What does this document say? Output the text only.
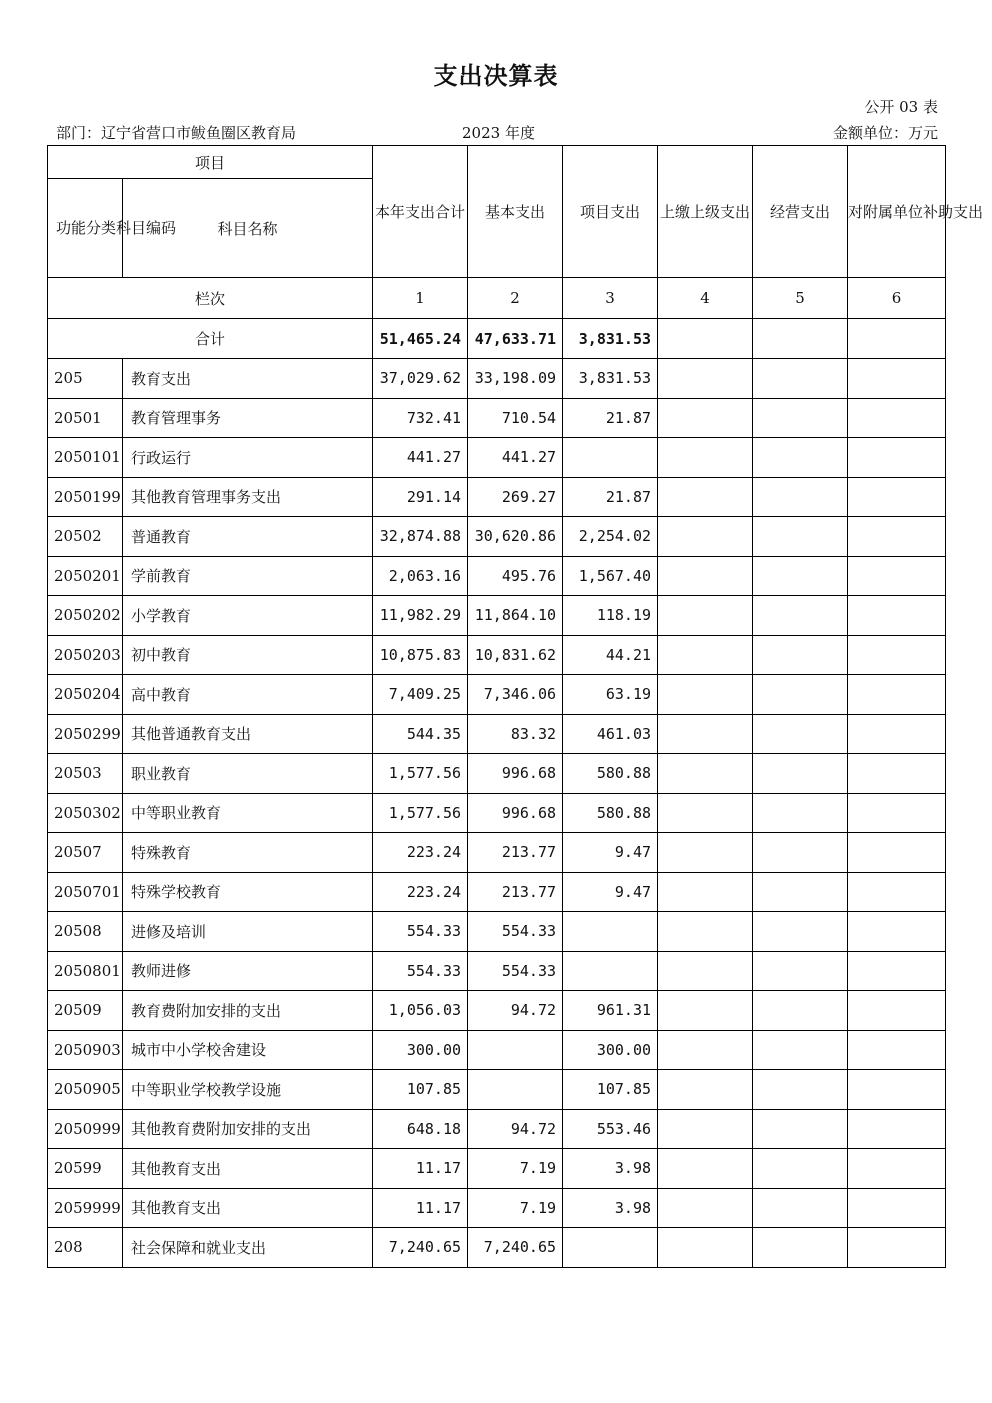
支出决算表
公开 03 表
部门：辽宁省营口市鲅鱼圈区教育局	2023 年度	金额单位：万元
项目		本年支出合计	基本支出	项目支出	上缴上级支出	经营支出	对附属单位补助支出
功能分类科目编码	科目名称						
栏次		1	2	3	4	5	6
合计		51,465.24	47,633.71	3,831.53			
205	教育支出	37,029.62	33,198.09	3,831.53			
20501	教育管理事务	732.41	710.54	21.87			
2050101	行政运行	441.27	441.27				
2050199	其他教育管理事务支出	291.14	269.27	21.87			
20502	普通教育	32,874.88	30,620.86	2,254.02			
2050201	学前教育	2,063.16	495.76	1,567.40			
2050202	小学教育	11,982.29	11,864.10	118.19			
2050203	初中教育	10,875.83	10,831.62	44.21			
2050204	高中教育	7,409.25	7,346.06	63.19			
2050299	其他普通教育支出	544.35	83.32	461.03			
20503	职业教育	1,577.56	996.68	580.88			
2050302	中等职业教育	1,577.56	996.68	580.88			
20507	特殊教育	223.24	213.77	9.47			
2050701	特殊学校教育	223.24	213.77	9.47			
20508	进修及培训	554.33	554.33				
2050801	教师进修	554.33	554.33				
20509	教育费附加安排的支出	1,056.03	94.72	961.31			
2050903	城市中小学校舍建设	300.00		300.00			
2050905	中等职业学校教学设施	107.85		107.85			
2050999	其他教育费附加安排的支出	648.18	94.72	553.46			
20599	其他教育支出	11.17	7.19	3.98			
2059999	其他教育支出	11.17	7.19	3.98			
208	社会保障和就业支出	7,240.65	7,240.65				
